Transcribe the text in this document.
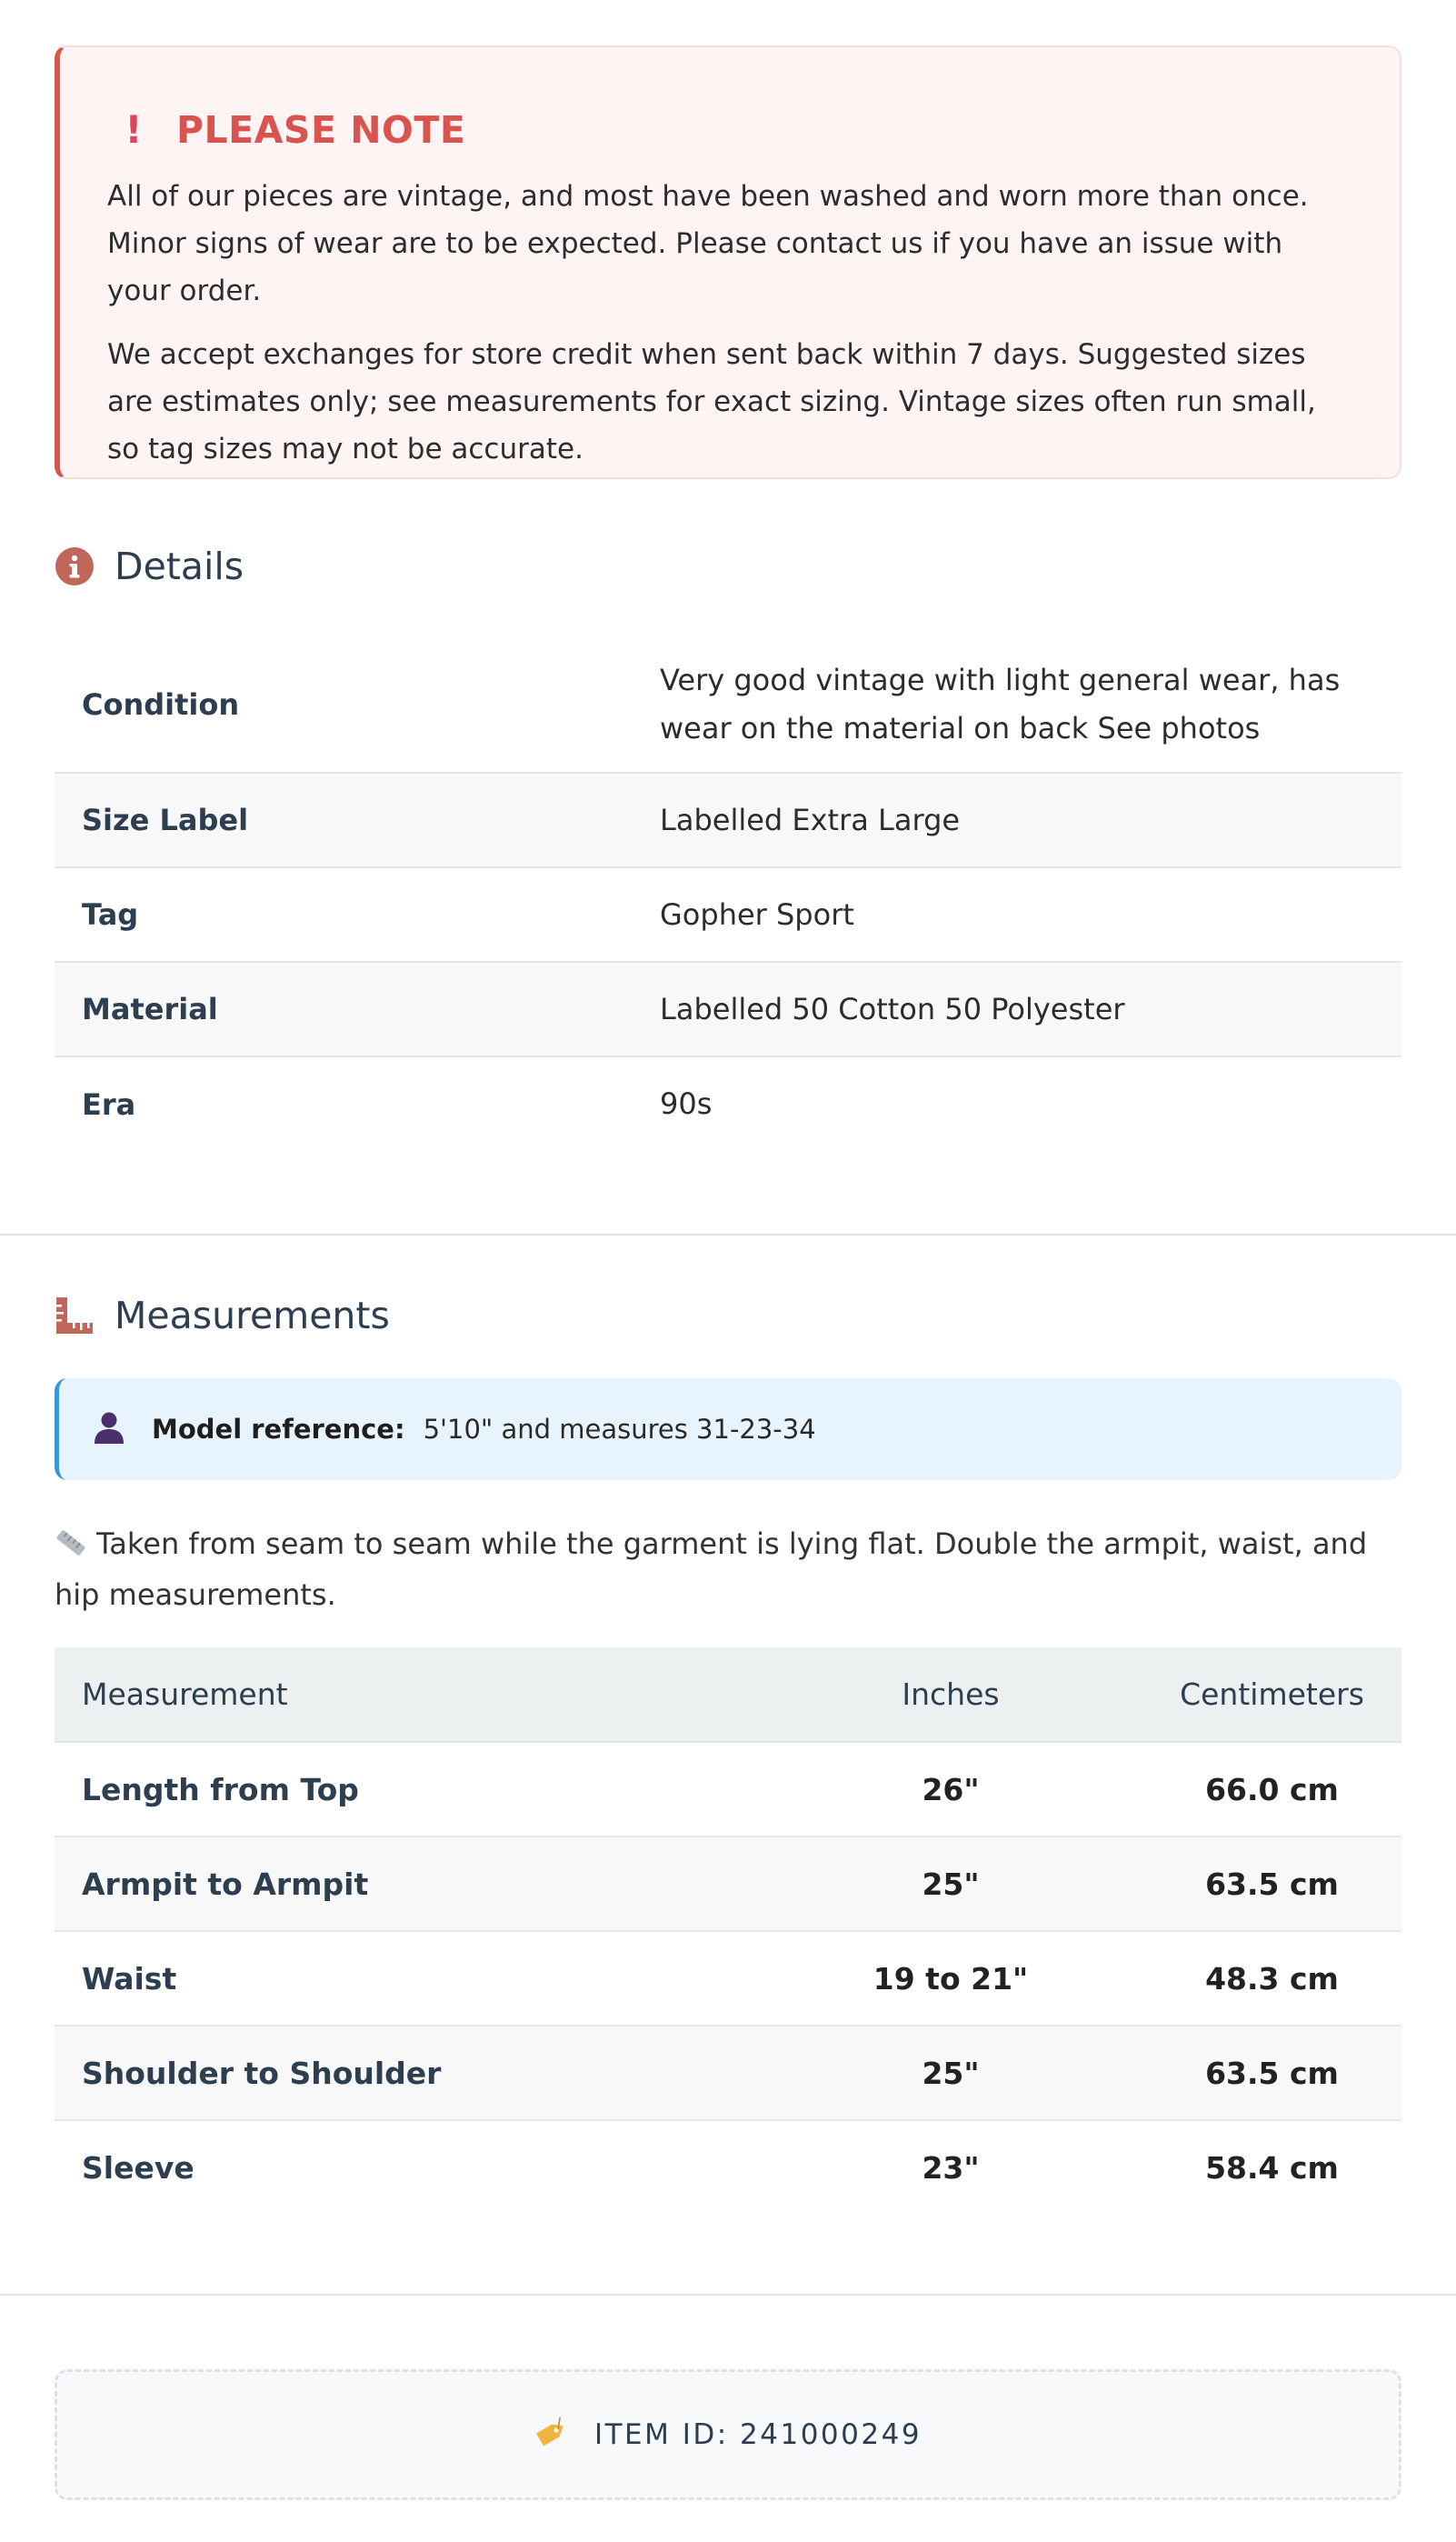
! PLEASE NOTE

All of our pieces are vintage, and most have been washed and worn more than once. Minor signs of wear are to be expected. Please contact us if you have an issue with your order.

We accept exchanges for store credit when sent back within 7 days. Suggested sizes are estimates only; see measurements for exact sizing. Vintage sizes often run small, so tag sizes may not be accurate.

Details
Condition	Very good vintage with light general wear, has wear on the material on back See photos
Size Label	Labelled Extra Large
Tag	Gopher Sport
Material	Labelled 50 Cotton 50 Polyester
Era	90s
Measurements
Model reference: 5'10" and measures 31-23-34
Taken from seam to seam while the garment is lying flat. Double the armpit, waist, and hip measurements.
Measurement	Inches	Centimeters
Length from Top	26"	66.0 cm
Armpit to Armpit	25"	63.5 cm
Waist	19 to 21"	48.3 cm
Shoulder to Shoulder	25"	63.5 cm
Sleeve	23"	58.4 cm
ITEM ID: 241000249
